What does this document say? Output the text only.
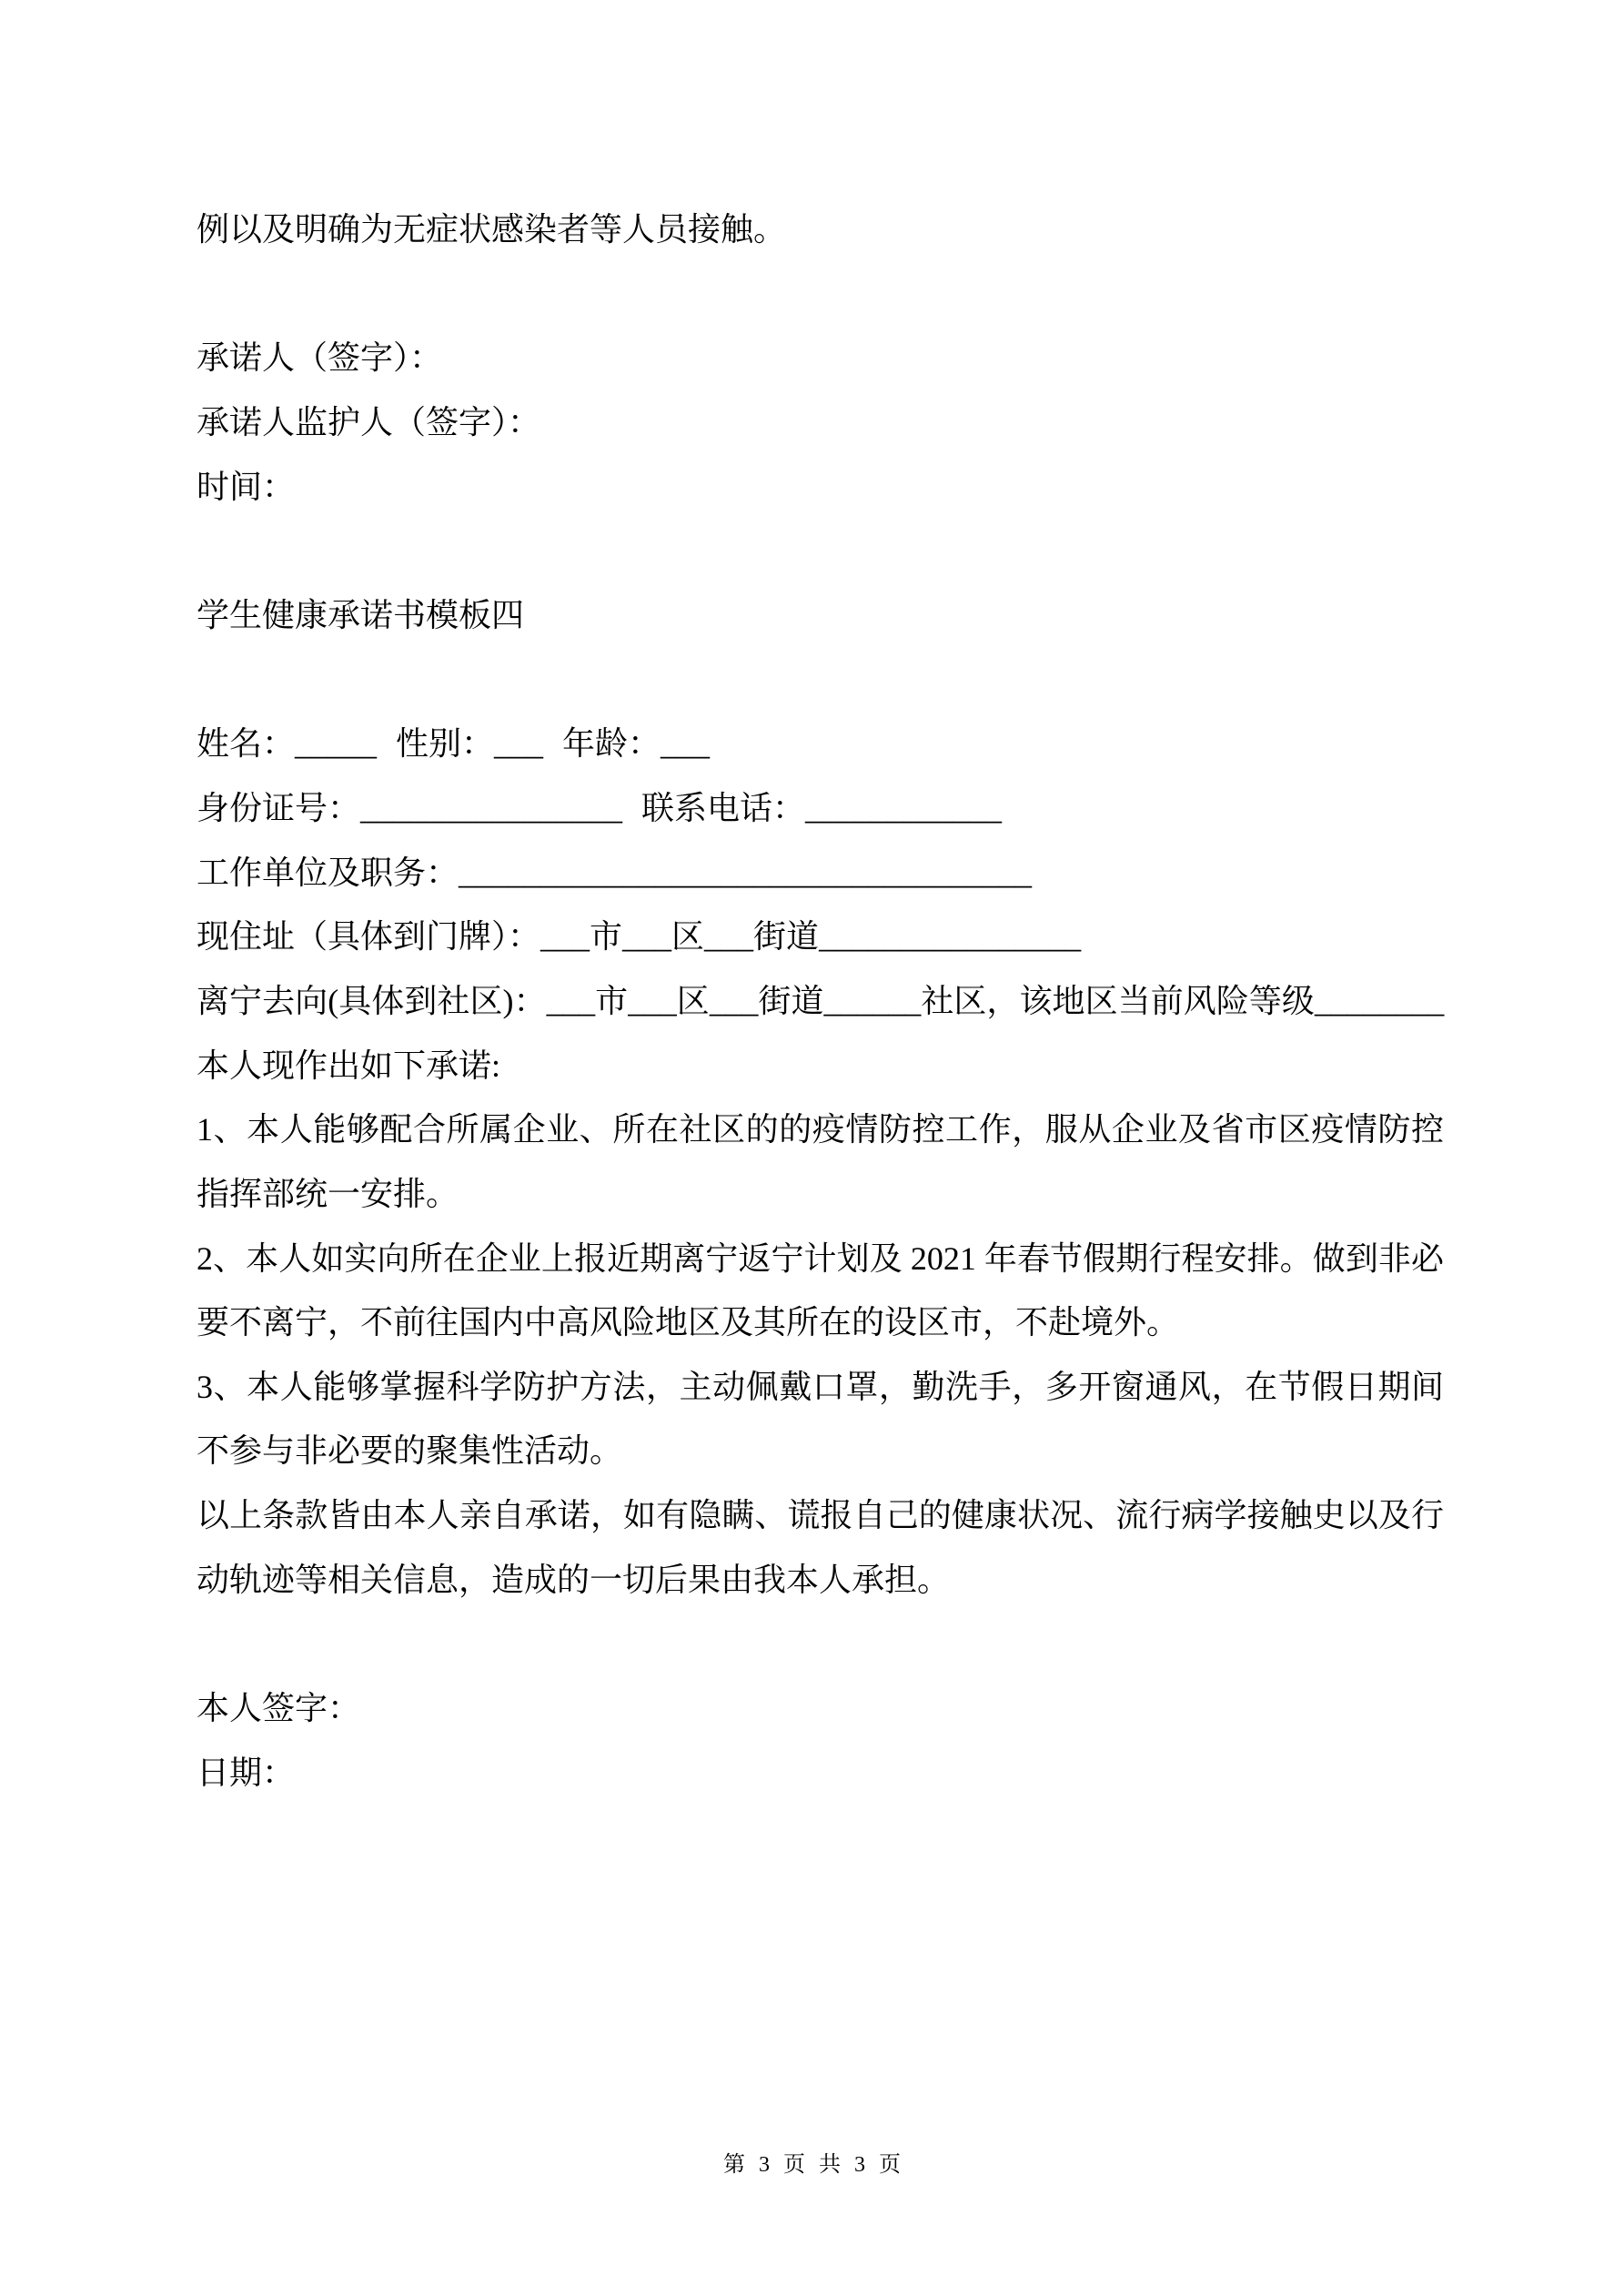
例以及明确为无症状感染者等人员接触。
承诺人（签字）：
承诺人监护人（签字）：
时间：
学生健康承诺书模板四
姓名：_____ 性别：___ 年龄：___
身份证号：________________ 联系电话：____________
工作单位及职务：___________________________________
现住址（具体到门牌）：___市___区___街道________________
离宁去向(具体到社区)：___市___区___街道______社区，该地区当前风险等级________
本人现作出如下承诺:
1、本人能够配合所属企业、所在社区的的疫情防控工作，服从企业及省市区疫情防控
指挥部统一安排。
2、本人如实向所在企业上报近期离宁返宁计划及 2021 年春节假期行程安排。做到非必
要不离宁，不前往国内中高风险地区及其所在的设区市，不赴境外。
3、本人能够掌握科学防护方法，主动佩戴口罩，勤洗手，多开窗通风，在节假日期间
不参与非必要的聚集性活动。
以上条款皆由本人亲自承诺，如有隐瞒、谎报自己的健康状况、流行病学接触史以及行
动轨迹等相关信息，造成的一切后果由我本人承担。
本人签字：
日期：
第 3 页 共 3 页
